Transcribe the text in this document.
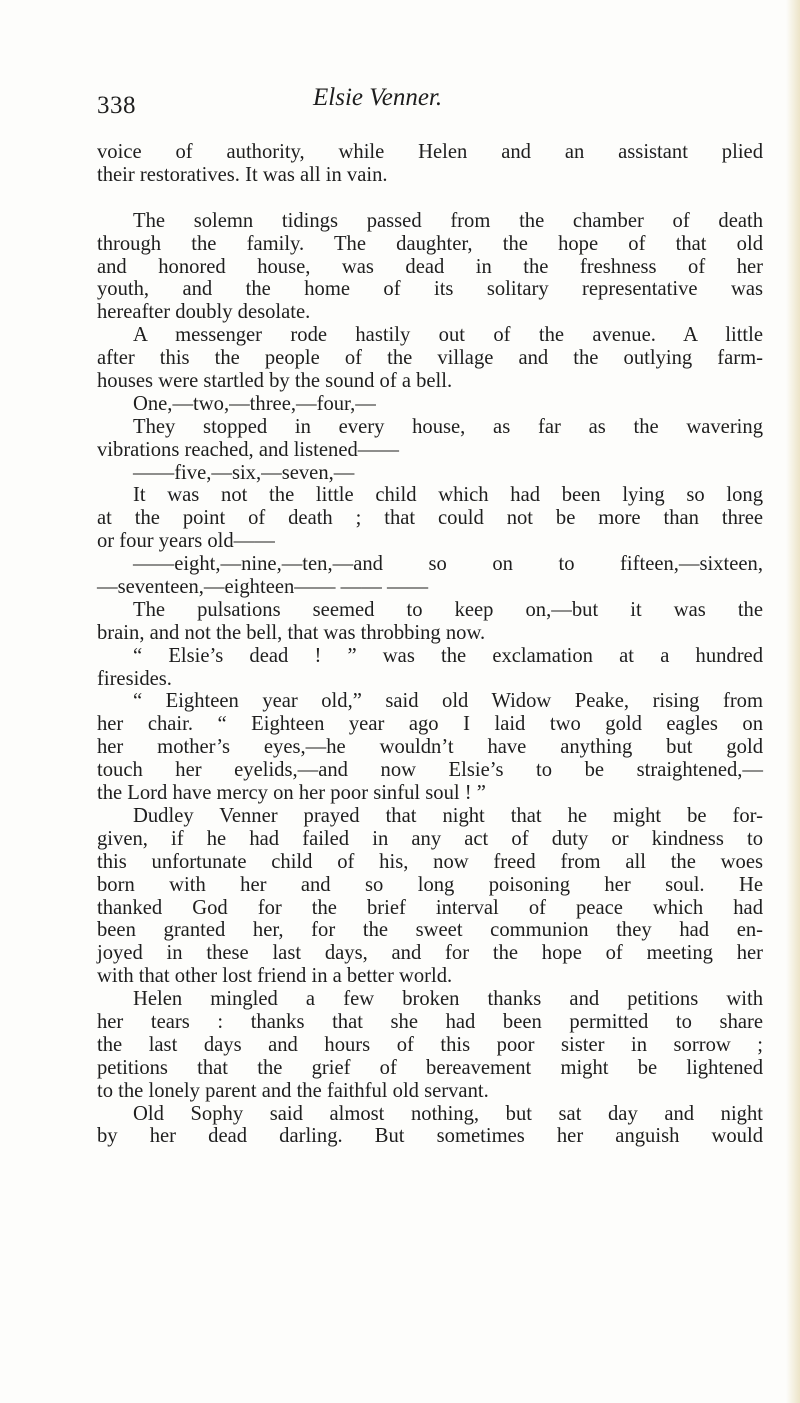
338	Elsie Venner.
voice of authority, while Helen and an assistant plied
their restoratives. It was all in vain.
The solemn tidings passed from the chamber of death
through the family. The daughter, the hope of that old
and honored house, was dead in the freshness of her
youth, and the home of its solitary representative was
hereafter doubly desolate.
A messenger rode hastily out of the avenue. A little
after this the people of the village and the outlying farm-
houses were startled by the sound of a bell.
One,—two,—three,—four,—
They stopped in every house, as far as the wavering
vibrations reached, and listened——
——five,—six,—seven,—
It was not the little child which had been lying so long
at the point of death ; that could not be more than three
or four years old——
——eight,—nine,—ten,—and so on to fifteen,—sixteen,
—seventeen,—eighteen—— —— ——
The pulsations seemed to keep on,—but it was the
brain, and not the bell, that was throbbing now.
“ Elsie’s dead ! ” was the exclamation at a hundred
firesides.
“ Eighteen year old,” said old Widow Peake, rising from
her chair. “ Eighteen year ago I laid two gold eagles on
her mother’s eyes,—he wouldn’t have anything but gold
touch her eyelids,—and now Elsie’s to be straightened,—
the Lord have mercy on her poor sinful soul ! ”
Dudley Venner prayed that night that he might be for-
given, if he had failed in any act of duty or kindness to
this unfortunate child of his, now freed from all the woes
born with her and so long poisoning her soul. He
thanked God for the brief interval of peace which had
been granted her, for the sweet communion they had en-
joyed in these last days, and for the hope of meeting her
with that other lost friend in a better world.
Helen mingled a few broken thanks and petitions with
her tears : thanks that she had been permitted to share
the last days and hours of this poor sister in sorrow ;
petitions that the grief of bereavement might be lightened
to the lonely parent and the faithful old servant.
Old Sophy said almost nothing, but sat day and night
by her dead darling. But sometimes her anguish would
